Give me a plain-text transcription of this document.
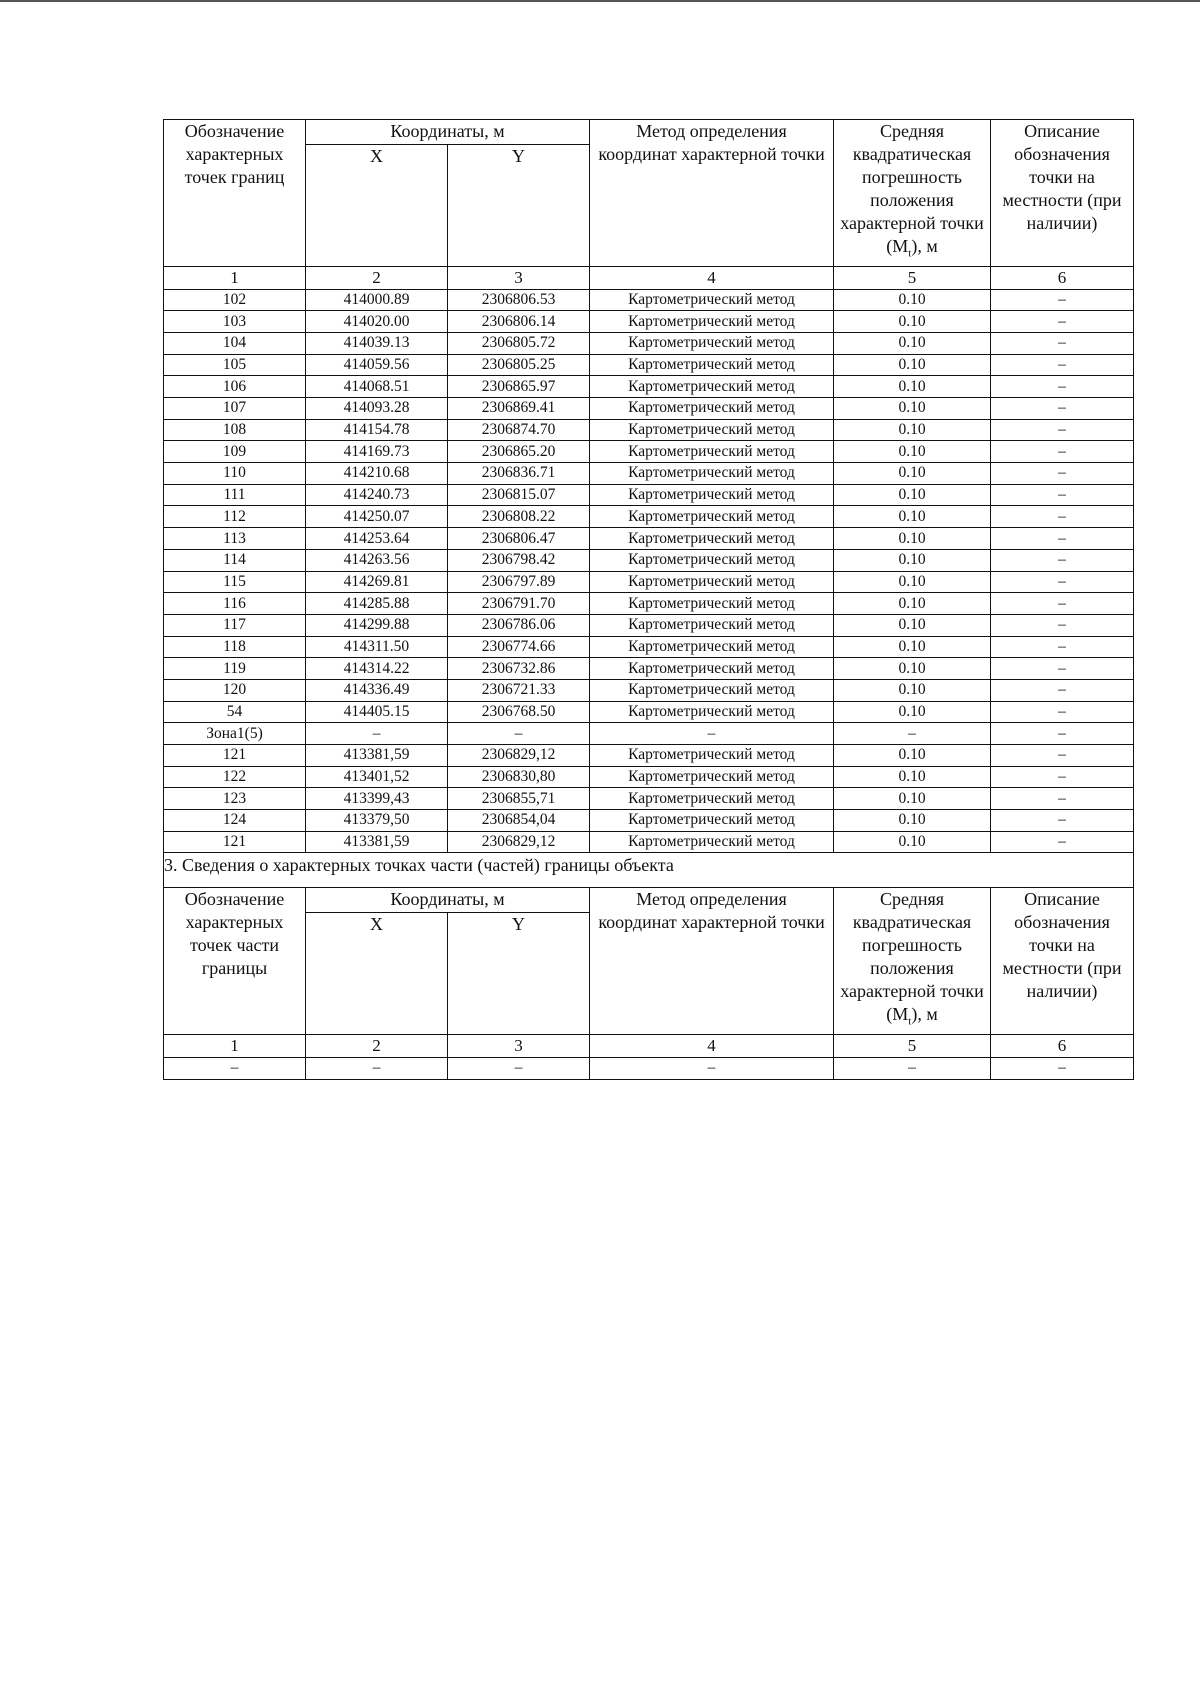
Обозначение характерных точек границ	Координаты, м		Метод определения координат характерной точки	Средняя квадратическая погрешность положения характерной точки $(M_t)$, м	Описание обозначения точки на местности (при наличии)
	X	Y			
1	2	3	4	5	6
102	414000.89	2306806.53	Картометрический метод	0.10	–
103	414020.00	2306806.14	Картометрический метод	0.10	–
104	414039.13	2306805.72	Картометрический метод	0.10	–
105	414059.56	2306805.25	Картометрический метод	0.10	–
106	414068.51	2306865.97	Картометрический метод	0.10	–
107	414093.28	2306869.41	Картометрический метод	0.10	–
108	414154.78	2306874.70	Картометрический метод	0.10	–
109	414169.73	2306865.20	Картометрический метод	0.10	–
110	414210.68	2306836.71	Картометрический метод	0.10	–
111	414240.73	2306815.07	Картометрический метод	0.10	–
112	414250.07	2306808.22	Картометрический метод	0.10	–
113	414253.64	2306806.47	Картометрический метод	0.10	–
114	414263.56	2306798.42	Картометрический метод	0.10	–
115	414269.81	2306797.89	Картометрический метод	0.10	–
116	414285.88	2306791.70	Картометрический метод	0.10	–
117	414299.88	2306786.06	Картометрический метод	0.10	–
118	414311.50	2306774.66	Картометрический метод	0.10	–
119	414314.22	2306732.86	Картометрический метод	0.10	–
120	414336.49	2306721.33	Картометрический метод	0.10	–
54	414405.15	2306768.50	Картометрический метод	0.10	–
Зона1(5)	–	–	–	–	–
121	413381,59	2306829,12	Картометрический метод	0.10	–
122	413401,52	2306830,80	Картометрический метод	0.10	–
123	413399,43	2306855,71	Картометрический метод	0.10	–
124	413379,50	2306854,04	Картометрический метод	0.10	–
121	413381,59	2306829,12	Картометрический метод	0.10	–
3. Сведения о характерных точках части (частей) границы объекта					
Обозначение характерных точек части границы	Координаты, м		Метод определения координат характерной точки	Средняя квадратическая погрешность положения характерной точки $(M_t)$, м	Описание обозначения точки на местности (при наличии)
	X	Y			
1	2	3	4	5	6
–	–	–	–	–	–
